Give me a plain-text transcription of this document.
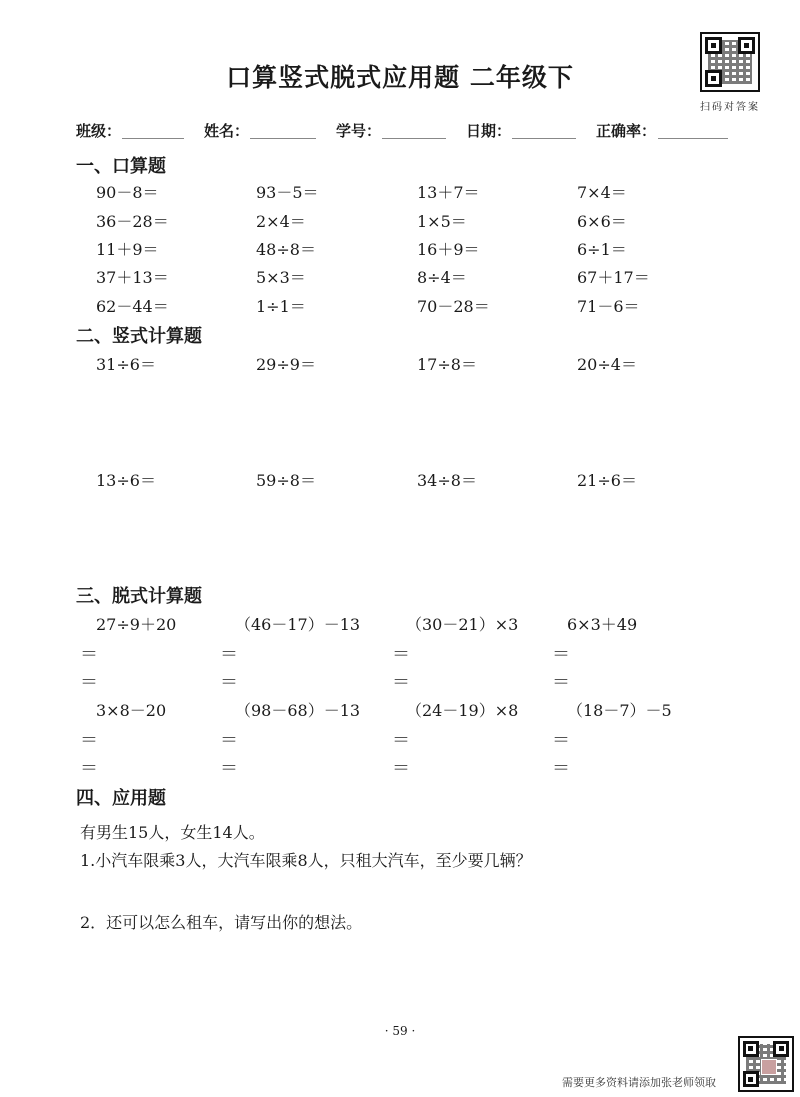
口算竖式脱式应用题 二年级下
扫码对答案
班级：	姓名：	学号：	日期：	正确率：
一、口算题
90－8＝	93－5＝	13＋7＝	7×4＝
36－28＝	2×4＝	1×5＝	6×6＝
11＋9＝	48÷8＝	16＋9＝	6÷1＝
37＋13＝	5×3＝	8÷4＝	67＋17＝
62－44＝	1÷1＝	70－28＝	71－6＝
二、竖式计算题
31÷6＝	29÷9＝	17÷8＝	20÷4＝
13÷6＝	59÷8＝	34÷8＝	21÷6＝
三、脱式计算题
27÷9＋20	（46－17）－13	（30－21）×3	6×3＋49
＝	＝	＝	＝
＝	＝	＝	＝
3×8－20	（98－68）－13	（24－19）×8	（18－7）－5
＝	＝	＝	＝
＝	＝	＝	＝
四、应用题
有男生15人，女生14人。
1.小汽车限乘3人，大汽车限乘8人，只租大汽车，至少要几辆？
2．还可以怎么租车，请写出你的想法。
· 59 ·
需要更多资料请添加张老师领取
